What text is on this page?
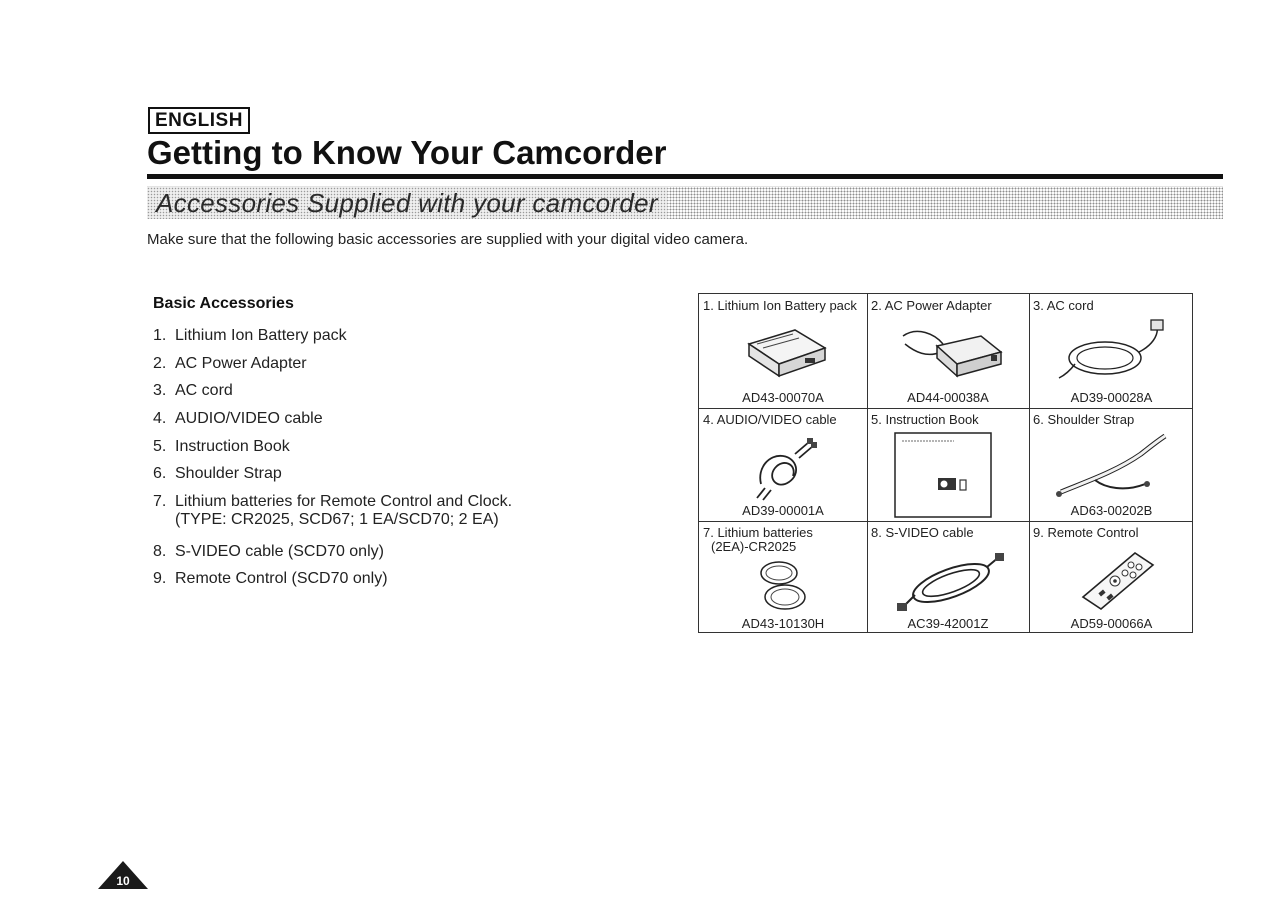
ENGLISH
Getting to Know Your Camcorder
Accessories Supplied with your camcorder
Make sure that the following basic accessories are supplied with your digital video camera.
Basic Accessories
1. Lithium Ion Battery pack
2. AC Power Adapter
3. AC cord
4. AUDIO/VIDEO cable
5. Instruction Book
6. Shoulder Strap
7. Lithium batteries for Remote Control and Clock.
(TYPE: CR2025, SCD67; 1 EA/SCD70; 2 EA)
8. S-VIDEO cable (SCD70 only)
9. Remote Control (SCD70 only)
1. Lithium Ion Battery pack
AD43-00070A
2. AC Power Adapter
AD44-00038A
3. AC cord
AD39-00028A
4. AUDIO/VIDEO cable
AD39-00001A
5. Instruction Book	6. Shoulder Strap
AD63-00202B
7. Lithium batteries
(2EA)-CR2025
AD43-10130H
8. S-VIDEO cable
AC39-42001Z
9. Remote Control
AD59-00066A
10
